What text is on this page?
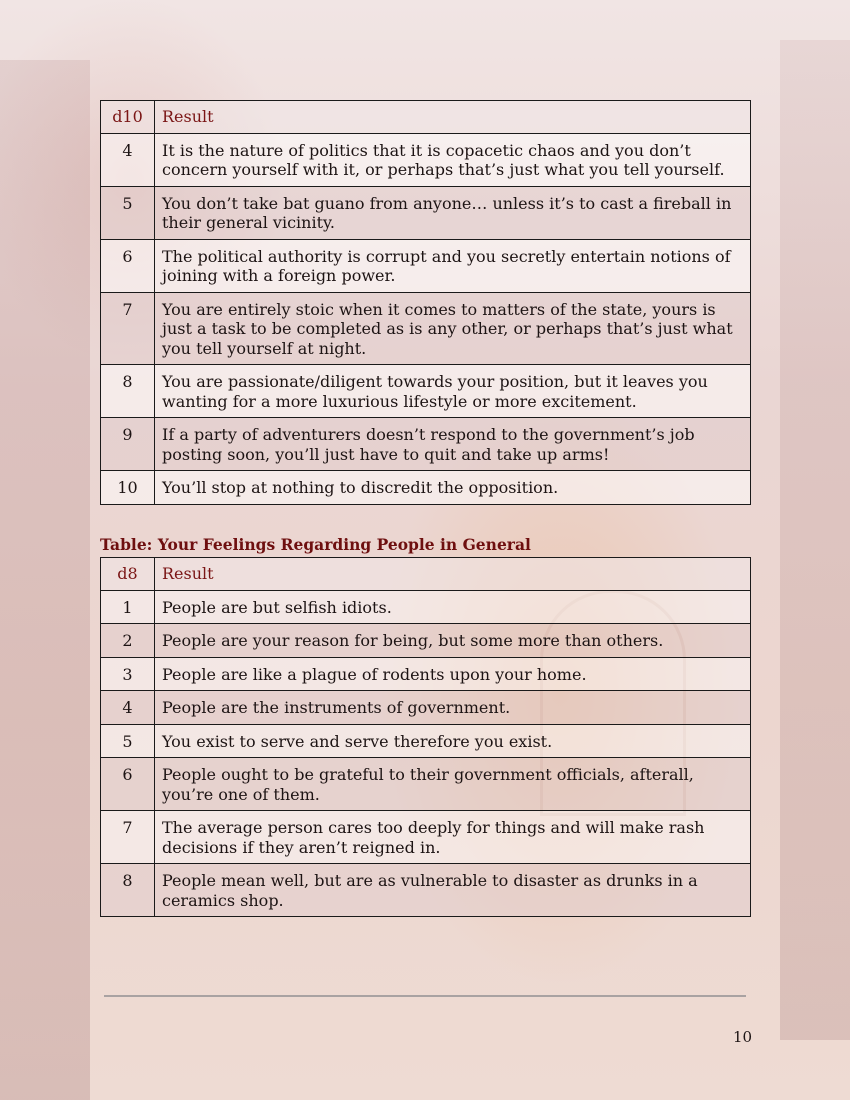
d10	Result
4	It is the nature of politics that it is copacetic chaos and you don’t concern yourself with it, or perhaps that’s just what you tell yourself.
5	You don’t take bat guano from anyone… unless it’s to cast a fireball in their general vicinity.
6	The political authority is corrupt and you secretly entertain notions of joining with a foreign power.
7	You are entirely stoic when it comes to matters of the state, yours is just a task to be completed as is any other, or perhaps that’s just what you tell yourself at night.
8	You are passionate/diligent towards your position, but it leaves you wanting for a more luxurious lifestyle or more excitement.
9	If a party of adventurers doesn’t respond to the government’s job posting soon, you’ll just have to quit and take up arms!
10	You’ll stop at nothing to discredit the opposition.

Table: Your Feelings Regarding People in General

d8	Result
1	People are but selfish idiots.
2	People are your reason for being, but some more than others.
3	People are like a plague of rodents upon your home.
4	People are the instruments of government.
5	You exist to serve and serve therefore you exist.
6	People ought to be grateful to their government officials, afterall, you’re one of them.
7	The average person cares too deeply for things and will make rash decisions if they aren’t reigned in.
8	People mean well, but are as vulnerable to disaster as drunks in a ceramics shop.
10
